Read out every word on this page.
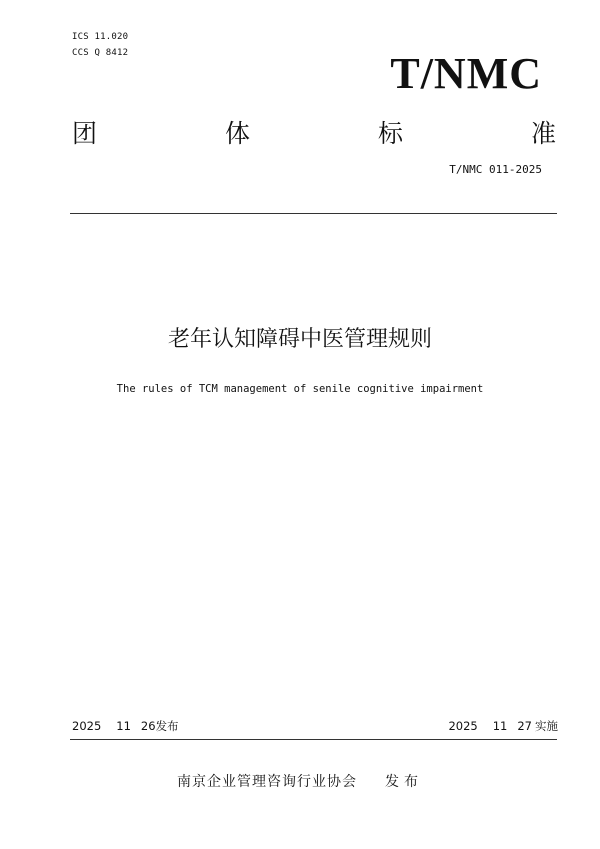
ICS 11.020
CCS Q 8412	T/NMC
团	体	标	准
T/NMC 011-2025
老年认知障碍中医管理规则
The rules of TCM management of senile cognitive impairment
2025 11 26发布	2025 11 27 实施
南京企业管理咨询行业协会 发布
